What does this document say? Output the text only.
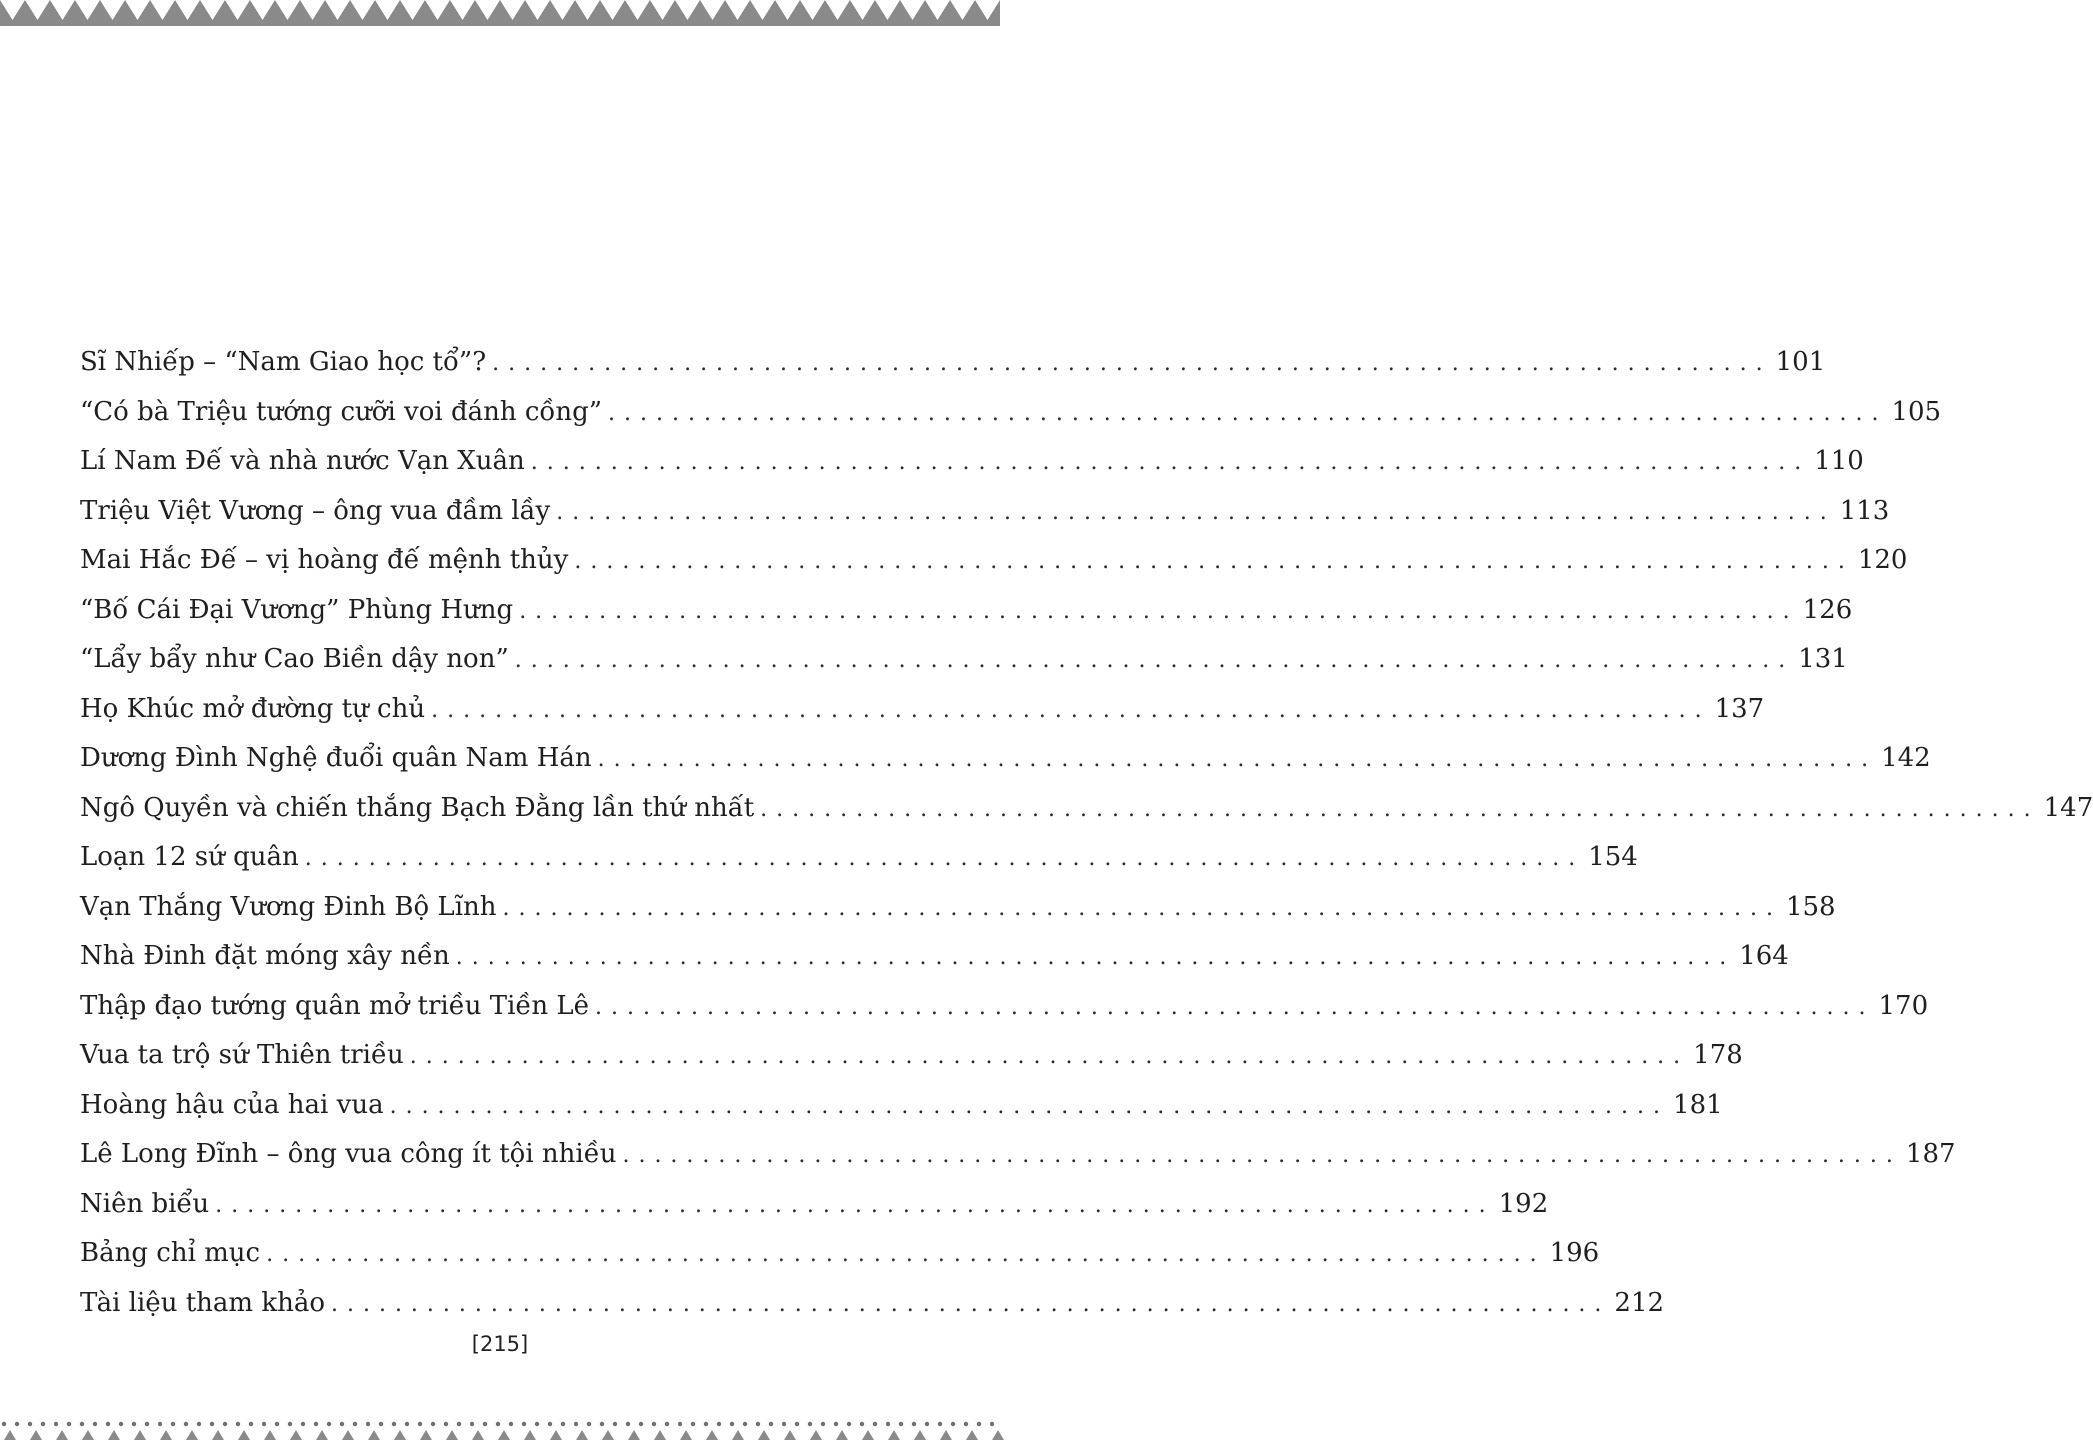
Sĩ Nhiếp – “Nam Giao học tổ”? ................................................................................ 101
“Có bà Triệu tướng cưỡi voi đánh cồng” ................................................................................ 105
Lí Nam Đế và nhà nước Vạn Xuân ................................................................................ 110
Triệu Việt Vương – ông vua đầm lầy ................................................................................ 113
Mai Hắc Đế – vị hoàng đế mệnh thủy ................................................................................ 120
“Bố Cái Đại Vương” Phùng Hưng ................................................................................ 126
“Lẩy bẩy như Cao Biền dậy non” ................................................................................ 131
Họ Khúc mở đường tự chủ ................................................................................ 137
Dương Đình Nghệ đuổi quân Nam Hán ................................................................................ 142
Ngô Quyền và chiến thắng Bạch Đằng lần thứ nhất ................................................................................ 147
Loạn 12 sứ quân ................................................................................ 154
Vạn Thắng Vương Đinh Bộ Lĩnh ................................................................................ 158
Nhà Đinh đặt móng xây nền ................................................................................ 164
Thập đạo tướng quân mở triều Tiền Lê ................................................................................ 170
Vua ta trộ sứ Thiên triều ................................................................................ 178
Hoàng hậu của hai vua ................................................................................ 181
Lê Long Đĩnh – ông vua công ít tội nhiều ................................................................................ 187
Niên biểu ................................................................................ 192
Bảng chỉ mục ................................................................................ 196
Tài liệu tham khảo ................................................................................ 212
[215]
